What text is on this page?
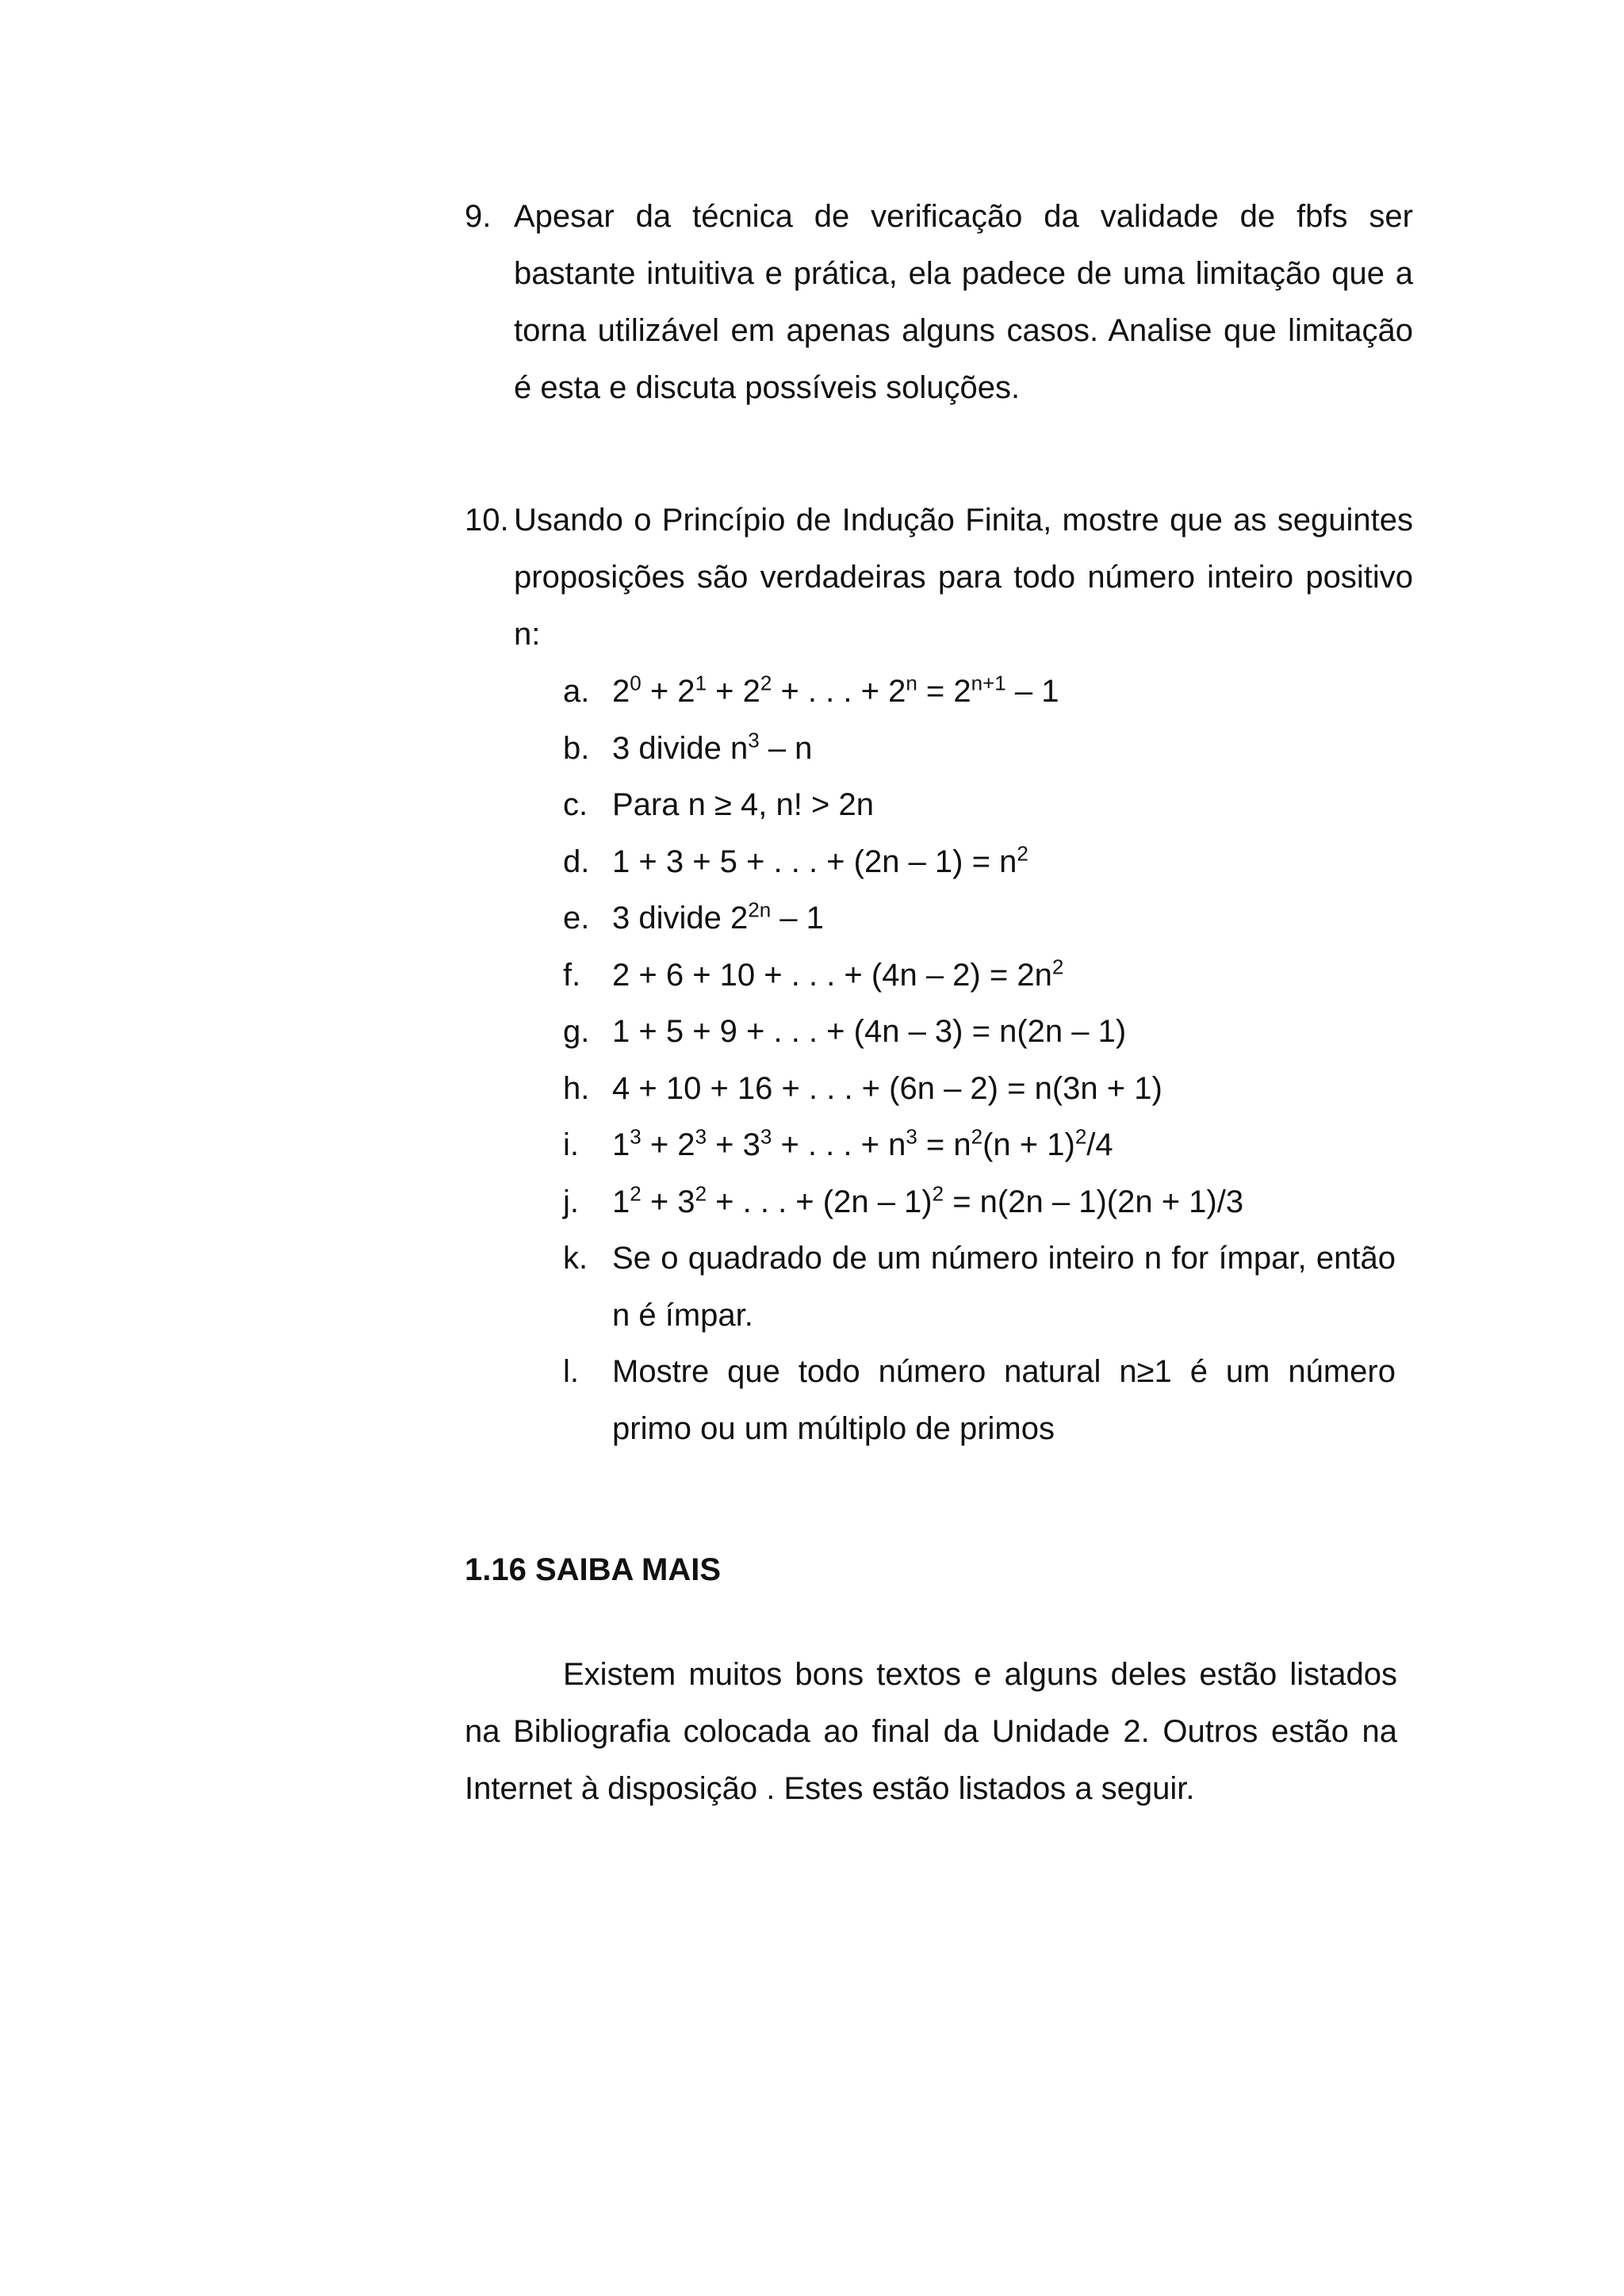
9. Apesar da técnica de verificação da validade de fbfs ser bastante intuitiva e prática, ela padece de uma limitação que a torna utilizável em apenas alguns casos. Analise que limitação é esta e discuta possíveis soluções.
10. Usando o Princípio de Indução Finita, mostre que as seguintes proposições são verdadeiras para todo número inteiro positivo n:
a. $2^0 + 2^1 + 2^2$ + . . . + $2^n = 2^{n+1} - 1$
b. 3 divide $n^3$ – n
c. Para n ≥ 4, n! > 2n
d. 1 + 3 + 5 + . . . + $(2n - 1) = n^2$
e. 3 divide $2^{2n} - 1$
f. 2 + 6 + 10 + . . . + $(4n - 2) = 2n^2$
g. 1 + 5 + 9 + . . . + (4n – 3) = n(2n – 1)
h. 4 + 10 + 16 + . . . + (6n – 2) = n(3n + 1)
i. $1^3 + 2^3 + 3^3$ + . . . + $n^3 = n^2(n + 1)^2/4$
j. $1^2 + 3^2$ + . . . + (2n – 1)$^2$ = n(2n – 1)(2n + 1)/3
k. Se o quadrado de um número inteiro n for ímpar, então n é ímpar.
l. Mostre que todo número natural n≥1 é um número primo ou um múltiplo de primos
1.16 SAIBA MAIS
Existem muitos bons textos e alguns deles estão listados na Bibliografia colocada ao final da Unidade 2. Outros estão na Internet à disposição . Estes estão listados a seguir.
